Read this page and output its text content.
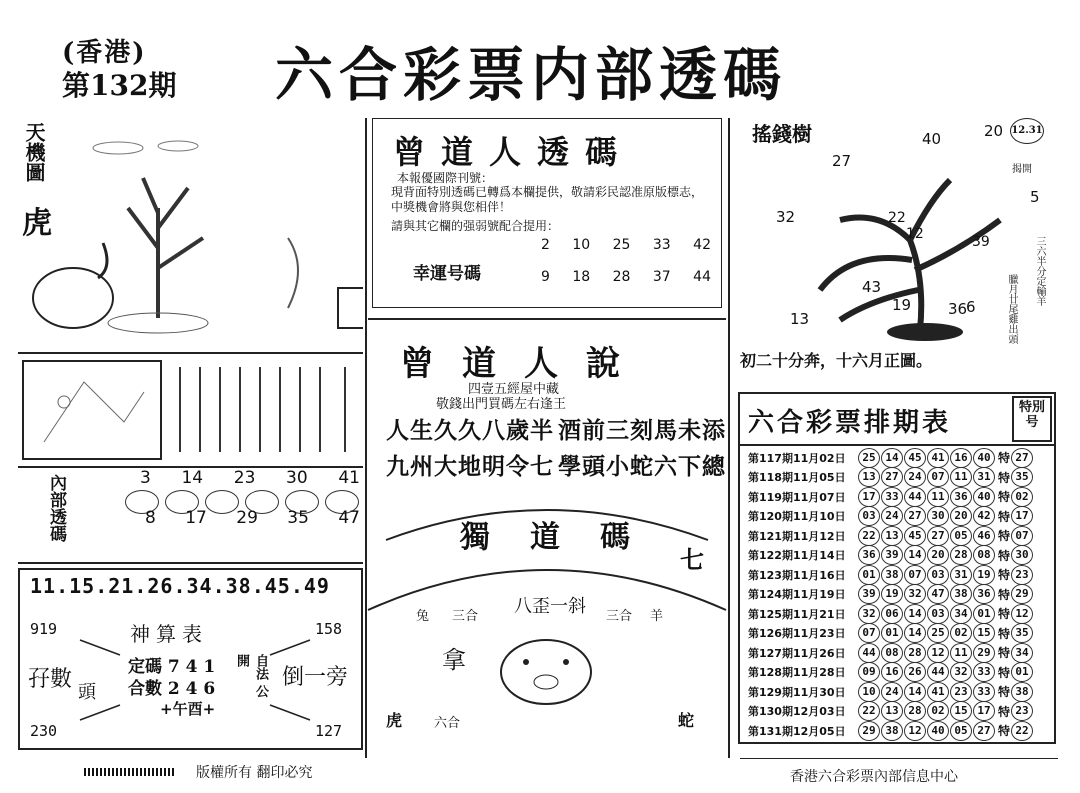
(香港)
第132期 六合彩票内部透碼
天機圖
虎
內部透碼	3 14 23 30 41
8 17 29 35 47
11.15.21.26.34.38.45.49
919	158
230	127
神算表
定碼 7 4 1
合數 2 4 6	自法 公開
+午酉+
孖數
頭
倒一旁
曾道人透碼
本報優國際刊號：
現背面特別透碼已轉爲本欄提供，敬請彩民認准原版標志，中獎機會將與您相伴！
請與其它欄的强弱號配合提用：
幸運号碼
2 10 25 33 42
9 18 28 37 44
曾道人說
四壹五經屋中藏
敬錢出門買碼左右逢王
人生久久八歲半 酒前三刻馬未添
九州大地明令七 學頭小蛇六下總
獨道碼
七
八歪一斜
兔 三合	三合 羊
拿
虎 六合	蛇
搖錢樹	12.31
揭開
40	20
27
5
32	22
12	39
43
19
13
36
6
三六半分定輸羊
臘月廿尾雞出頭
初二十分奔，十六月正圖。
六合彩票排期表
特別号
第117期11月02日	25 14 45 41 16 40 特 27
第118期11月05日	13 27 24 07 11 31 特 35
第119期11月07日	17 33 44 11 36 40 特 02
第120期11月10日	03 24 27 30 20 42 特 17
第121期11月12日	22 13 45 27 05 46 特 07
第122期11月14日	36 39 14 20 28 08 特 30
第123期11月16日	01 38 07 03 31 19 特 23
第124期11月19日	39 19 32 47 38 36 特 29
第125期11月21日	32 06 14 03 34 01 特 12
第126期11月23日	07 01 14 25 02 15 特 35
第127期11月26日	44 08 28 12 11 29 特 34
第128期11月28日	09 16 26 44 32 33 特 01
第129期11月30日	10 24 14 41 23 33 特 38
第130期12月03日	22 13 28 02 15 17 特 23
第131期12月05日	29 38 12 40 05 27 特 22
香港六合彩票內部信息中心
版權所有 翻印必究
